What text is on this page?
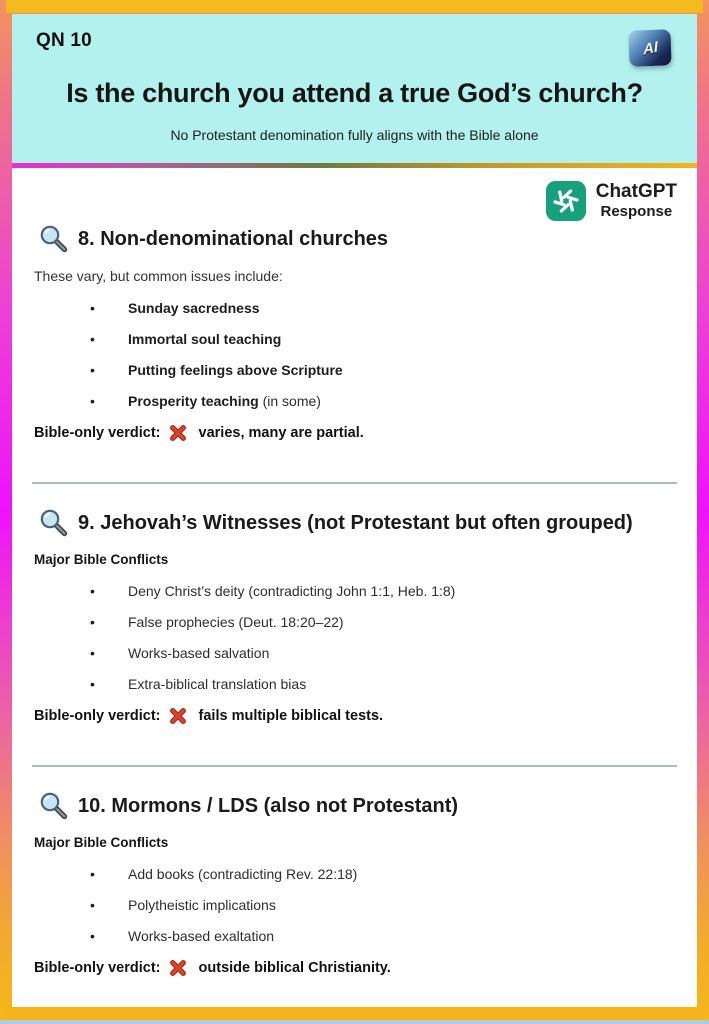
QN 10	AI
Is the church you attend a true God’s church?
No Protestant denomination fully aligns with the Bible alone
ChatGPT
Response
8. Non-denominational churches

These vary, but common issues include:

•	Sunday sacredness
•	Immortal soul teaching
•	Putting feelings above Scripture
•	Prosperity teaching (in some)
Bible-only verdict: varies, many are partial.
9. Jehovah’s Witnesses (not Protestant but often grouped)

Major Bible Conflicts

•	Deny Christ’s deity (contradicting John 1:1, Heb. 1:8)
•	False prophecies (Deut. 18:20–22)
•	Works-based salvation
•	Extra-biblical translation bias
Bible-only verdict: fails multiple biblical tests.
10. Mormons / LDS (also not Protestant)

Major Bible Conflicts

•	Add books (contradicting Rev. 22:18)
•	Polytheistic implications
•	Works-based exaltation
Bible-only verdict: outside biblical Christianity.
